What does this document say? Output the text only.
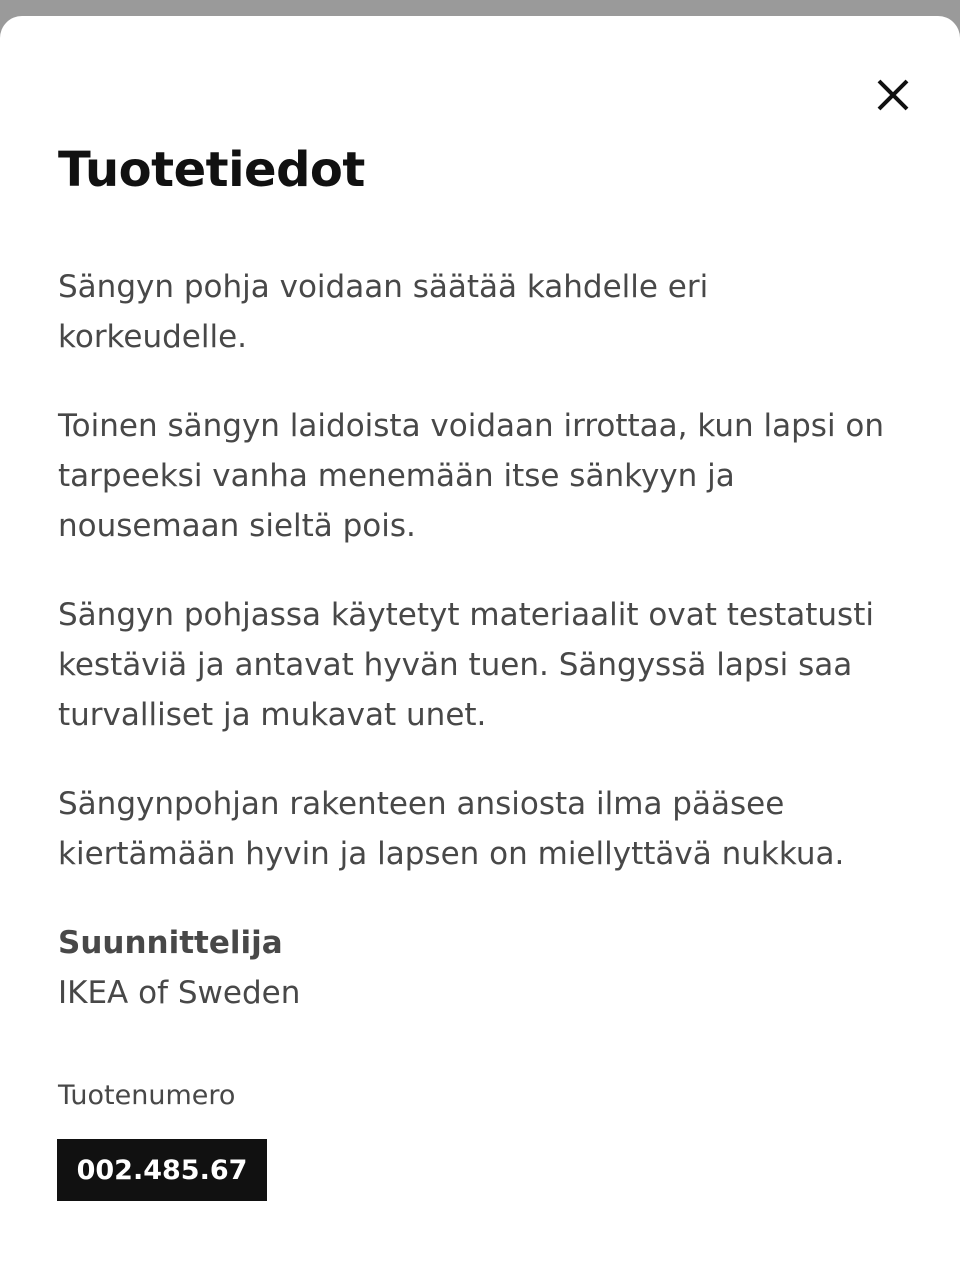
Tuotetiedot

Sängyn pohja voidaan säätää kahdelle eri korkeudelle.

Toinen sängyn laidoista voidaan irrottaa, kun lapsi on tarpeeksi vanha menemään itse sänkyyn ja nousemaan sieltä pois.

Sängyn pohjassa käytetyt materiaalit ovat testatusti kestäviä ja antavat hyvän tuen. Sängyssä lapsi saa turvalliset ja mukavat unet.

Sängynpohjan rakenteen ansiosta ilma pääsee kiertämään hyvin ja lapsen on miellyttävä nukkua.

Suunnittelija
IKEA of Sweden
Tuotenumero
002.485.67
